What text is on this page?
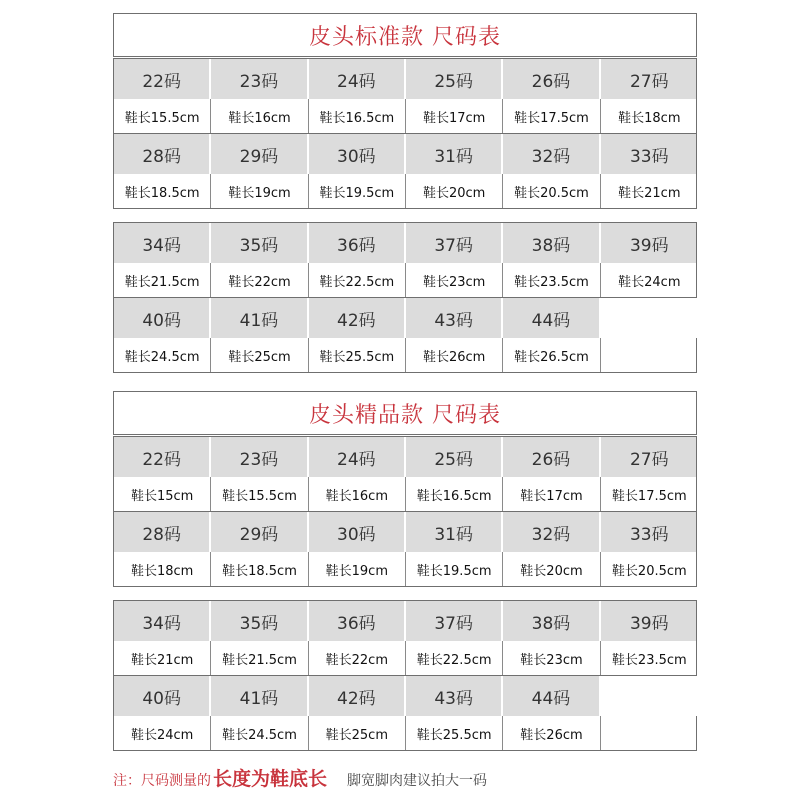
皮头标准款 尺码表
22码	23码	24码	25码	26码	27码
鞋长15.5cm	鞋长16cm	鞋长16.5cm	鞋长17cm	鞋长17.5cm	鞋长18cm
28码	29码	30码	31码	32码	33码
鞋长18.5cm	鞋长19cm	鞋长19.5cm	鞋长20cm	鞋长20.5cm	鞋长21cm
34码	35码	36码	37码	38码	39码
鞋长21.5cm	鞋长22cm	鞋长22.5cm	鞋长23cm	鞋长23.5cm	鞋长24cm
40码	41码	42码	43码	44码
鞋长24.5cm	鞋长25cm	鞋长25.5cm	鞋长26cm	鞋长26.5cm
皮头精品款 尺码表
22码	23码	24码	25码	26码	27码
鞋长15cm	鞋长15.5cm	鞋长16cm	鞋长16.5cm	鞋长17cm	鞋长17.5cm
28码	29码	30码	31码	32码	33码
鞋长18cm	鞋长18.5cm	鞋长19cm	鞋长19.5cm	鞋长20cm	鞋长20.5cm
34码	35码	36码	37码	38码	39码
鞋长21cm	鞋长21.5cm	鞋长22cm	鞋长22.5cm	鞋长23cm	鞋长23.5cm
40码	41码	42码	43码	44码
鞋长24cm	鞋长24.5cm	鞋长25cm	鞋长25.5cm	鞋长26cm
注：尺码测量的 长度为鞋底长 脚宽脚肉建议拍大一码
